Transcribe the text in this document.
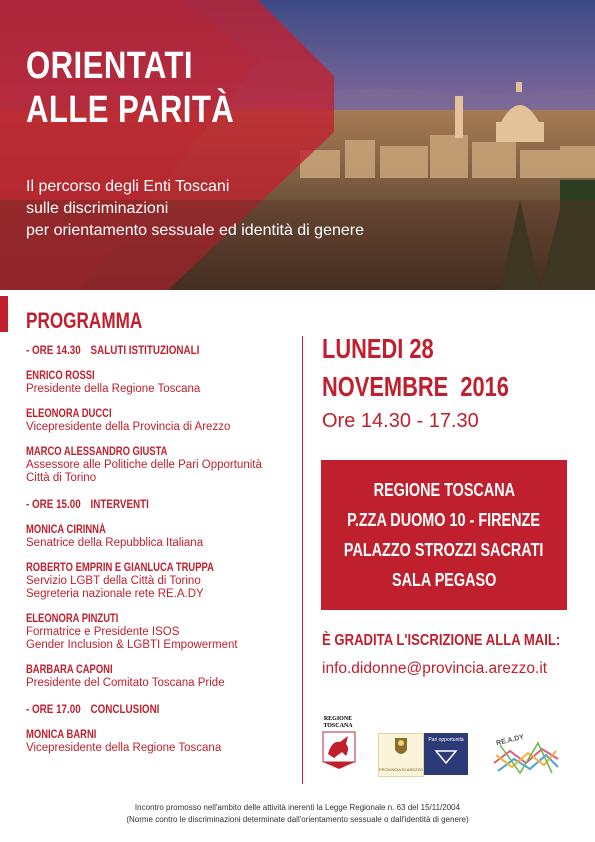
ORIENTATI
ALLE PARITÀ
Il percorso degli Enti Toscani
sulle discriminazioni
per orientamento sessuale ed identità di genere
PROGRAMMA
- ORE 14.30 SALUTI ISTITUZIONALI
ENRICO ROSSI
Presidente della Regione Toscana
ELEONORA DUCCI
Vicepresidente della Provincia di Arezzo
MARCO ALESSANDRO GIUSTA
Assessore alle Politiche delle Pari Opportunità
Città di Torino
- ORE 15.00 INTERVENTI
MONICA CIRINNÀ
Senatrice della Repubblica Italiana
ROBERTO EMPRIN E GIANLUCA TRUPPA
Servizio LGBT della Città di Torino
Segreteria nazionale rete RE.A.DY
ELEONORA PINZUTI
Formatrice e Presidente ISOS
Gender Inclusion & LGBTI Empowerment
BARBARA CAPONI
Presidente del Comitato Toscana Pride
- ORE 17.00 CONCLUSIONI
MONICA BARNI
Vicepresidente della Regione Toscana
LUNEDI 28
NOVEMBRE  2016
Ore 14.30 - 17.30
REGIONE TOSCANA
P.ZZA DUOMO 10 - FIRENZE
PALAZZO STROZZI SACRATI
SALA PEGASO
È GRADITA L'ISCRIZIONE ALLA MAIL:
info.didonne@provincia.arezzo.it
REGIONE TOSCANA
PROVINCIA DI AREZZO
Pari opportunità	RE.A.DY
Incontro promosso nell'ambito delle attività inerenti la Legge Regionale n. 63 del 15/11/2004
(Norme contro le discriminazioni determinate dall'orientamento sessuale o dall'identità di genere)
